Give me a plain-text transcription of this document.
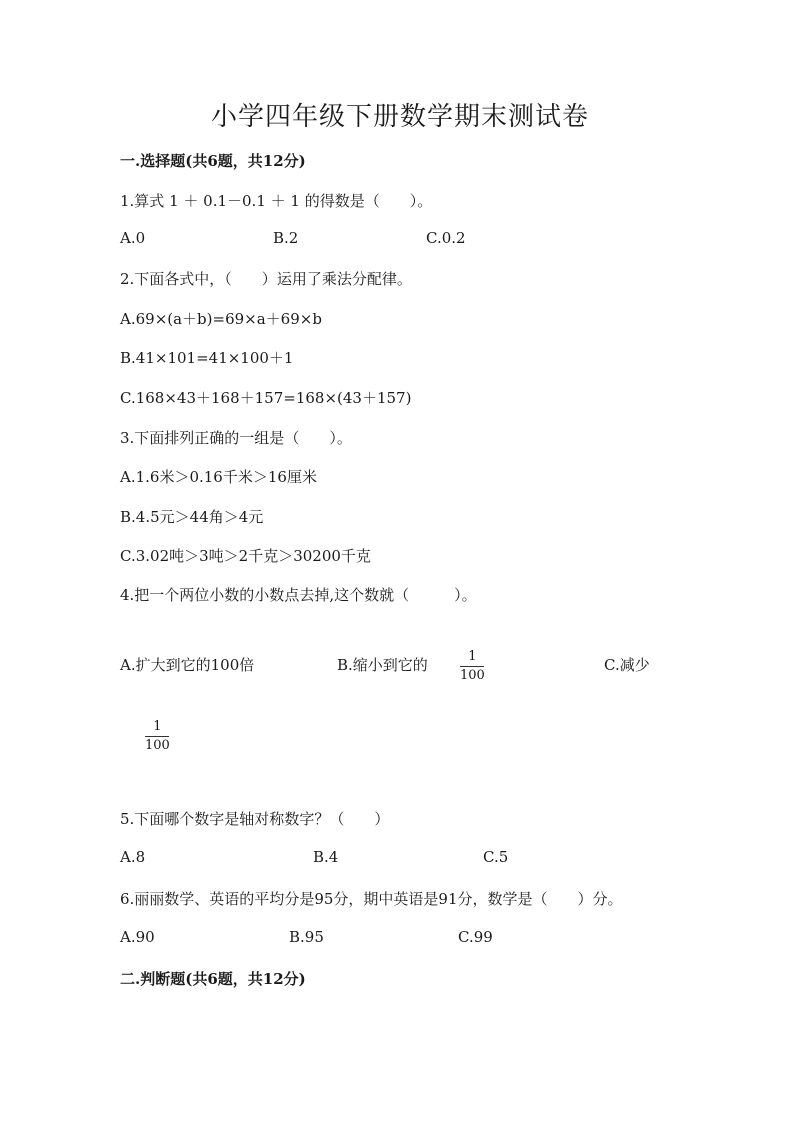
小学四年级下册数学期末测试卷
一.选择题(共6题，共12分)
1.算式 1 ＋ 0.1－0.1 ＋ 1 的得数是（　　）。
A.0	B.2	C.0.2
2.下面各式中，（　　）运用了乘法分配律。
A.69×(a＋b)=69×a＋69×b
B.41×101=41×100＋1
C.168×43＋168＋157=168×(43＋157)
3.下面排列正确的一组是（　　）。
A.1.6米＞0.16千米＞16厘米
B.4.5元＞44角＞4元
C.3.02吨＞3吨＞2千克＞30200千克
4.把一个两位小数的小数点去掉,这个数就（　　　）。
A.扩大到它的100倍	B.缩小到它的	1
100
C.减少
1
100
5.下面哪个数字是轴对称数字？（　　）
A.8	B.4	C.5
6.丽丽数学、英语的平均分是95分，期中英语是91分，数学是（　　）分。
A.90	B.95	C.99
二.判断题(共6题，共12分)
